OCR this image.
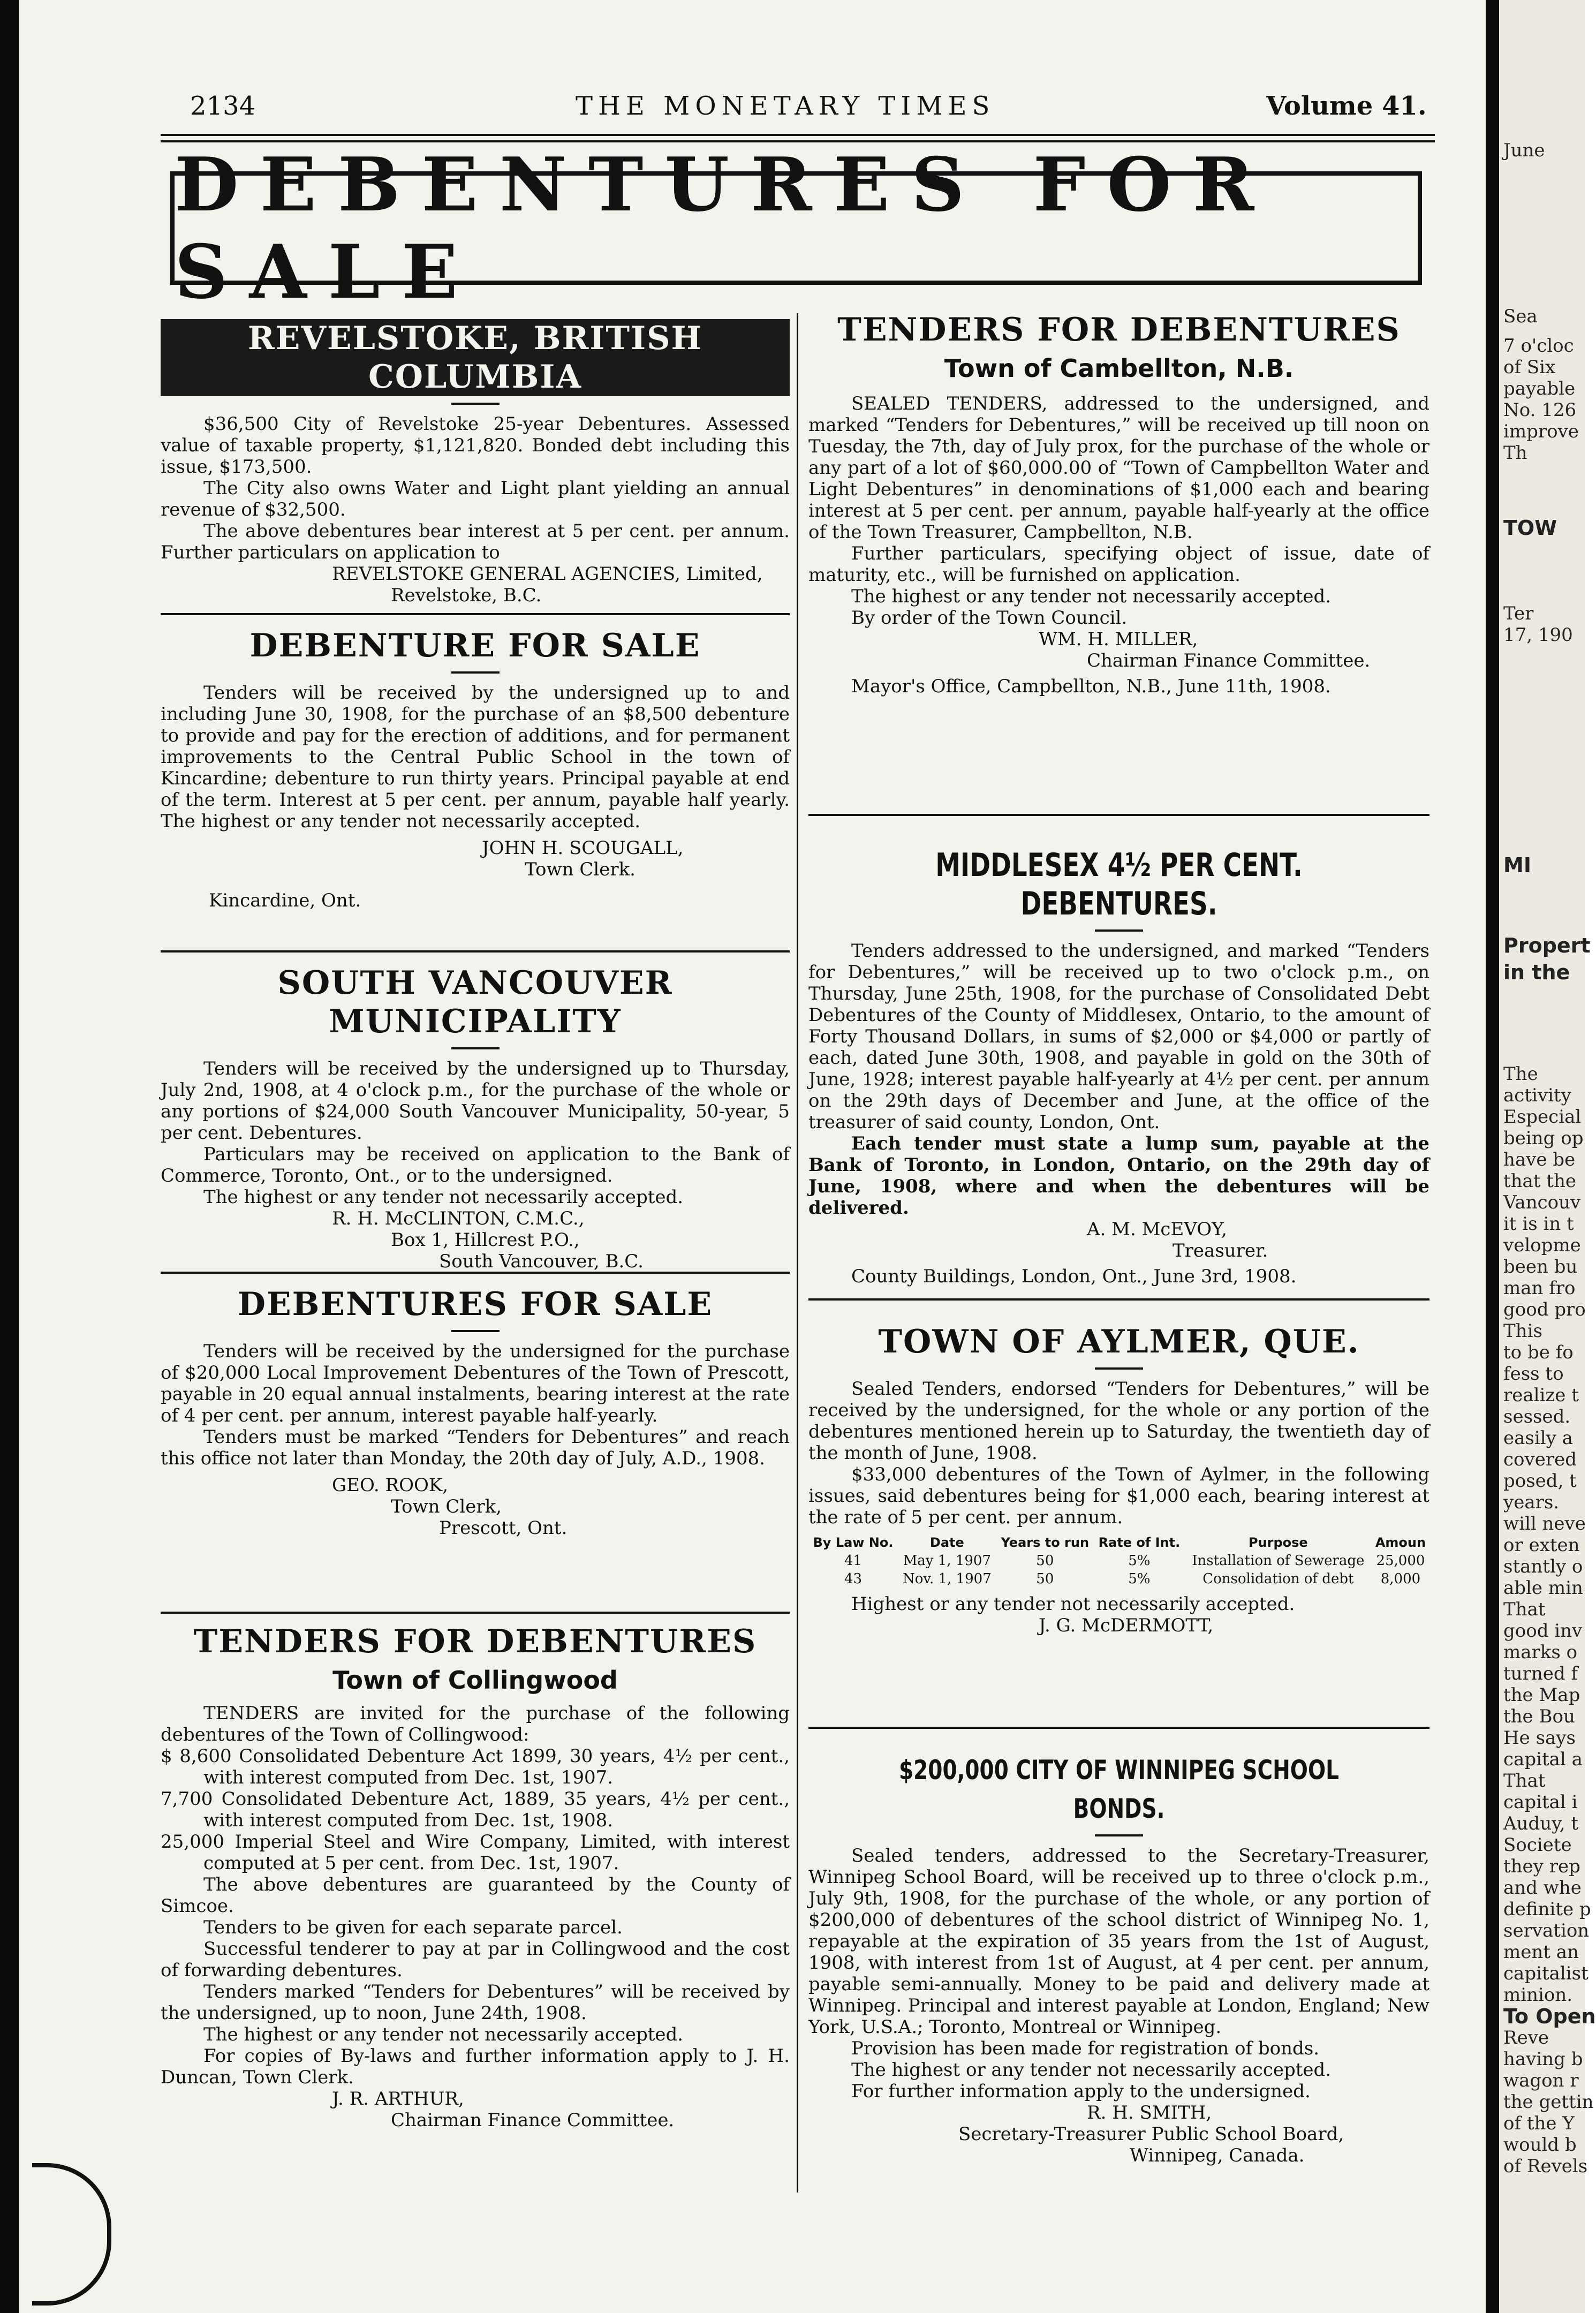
2134	THE MONETARY TIMES	Volume 41.
DEBENTURES FOR SALE
REVELSTOKE, BRITISH COLUMBIA

$36,500 City of Revelstoke 25-year Debentures. Assessed value of taxable property, $1,121,820. Bonded debt including this issue, $173,500.

The City also owns Water and Light plant yielding an annual revenue of $32,500.

The above debentures bear interest at 5 per cent. per annum. Further particulars on application to

REVELSTOKE GENERAL AGENCIES, Limited,

Revelstoke, B.C.

DEBENTURE FOR SALE

Tenders will be received by the undersigned up to and including June 30, 1908, for the purchase of an $8,500 debenture to provide and pay for the erection of additions, and for permanent improvements to the Central Public School in the town of Kincardine; debenture to run thirty years. Principal payable at end of the term. Interest at 5 per cent. per annum, payable half yearly. The highest or any tender not necessarily accepted.

JOHN H. SCOUGALL,

Town Clerk.

Kincardine, Ont.

SOUTH VANCOUVER MUNICIPALITY

Tenders will be received by the undersigned up to Thursday, July 2nd, 1908, at 4 o'clock p.m., for the purchase of the whole or any portions of $24,000 South Vancouver Municipality, 50-year, 5 per cent. Debentures.

Particulars may be received on application to the Bank of Commerce, Toronto, Ont., or to the undersigned.

The highest or any tender not necessarily accepted.

R. H. McCLINTON, C.M.C.,

Box 1, Hillcrest P.O.,

South Vancouver, B.C.

DEBENTURES FOR SALE

Tenders will be received by the undersigned for the purchase of $20,000 Local Improvement Debentures of the Town of Prescott, payable in 20 equal annual instalments, bearing interest at the rate of 4 per cent. per annum, interest payable half-yearly.

Tenders must be marked “Tenders for Debentures” and reach this office not later than Monday, the 20th day of July, A.D., 1908.

GEO. ROOK,

Town Clerk,

Prescott, Ont.

TENDERS FOR DEBENTURES
Town of Collingwood

TENDERS are invited for the purchase of the following debentures of the Town of Collingwood:

$ 8,600 Consolidated Debenture Act 1899, 30 years, 4½ per cent., with interest computed from Dec. 1st, 1907.

7,700 Consolidated Debenture Act, 1889, 35 years, 4½ per cent., with interest computed from Dec. 1st, 1908.

25,000 Imperial Steel and Wire Company, Limited, with interest computed at 5 per cent. from Dec. 1st, 1907.

The above debentures are guaranteed by the County of Simcoe.

Tenders to be given for each separate parcel.

Successful tenderer to pay at par in Collingwood and the cost of forwarding debentures.

Tenders marked “Tenders for Debentures” will be received by the undersigned, up to noon, June 24th, 1908.

The highest or any tender not necessarily accepted.

For copies of By-laws and further information apply to J. H. Duncan, Town Clerk.

J. R. ARTHUR,

Chairman Finance Committee.

TENDERS FOR DEBENTURES
Town of Cambellton, N.B.

SEALED TENDERS, addressed to the undersigned, and marked “Tenders for Debentures,” will be received up till noon on Tuesday, the 7th, day of July prox, for the purchase of the whole or any part of a lot of $60,000.00 of “Town of Campbellton Water and Light Debentures” in denominations of $1,000 each and bearing interest at 5 per cent. per annum, payable half-yearly at the office of the Town Treasurer, Campbellton, N.B.

Further particulars, specifying object of issue, date of maturity, etc., will be furnished on application.

The highest or any tender not necessarily accepted.

By order of the Town Council.

WM. H. MILLER,

Chairman Finance Committee.

Mayor's Office, Campbellton, N.B., June 11th, 1908.

MIDDLESEX 4½ PER CENT. DEBENTURES.

Tenders addressed to the undersigned, and marked “Tenders for Debentures,” will be received up to two o'clock p.m., on Thursday, June 25th, 1908, for the purchase of Consolidated Debt Debentures of the County of Middlesex, Ontario, to the amount of Forty Thousand Dollars, in sums of $2,000 or $4,000 or partly of each, dated June 30th, 1908, and payable in gold on the 30th of June, 1928; interest payable half-yearly at 4½ per cent. per annum on the 29th days of December and June, at the office of the treasurer of said county, London, Ont.

Each tender must state a lump sum, payable at the Bank of Toronto, in London, Ontario, on the 29th day of June, 1908, where and when the debentures will be delivered.

A. M. McEVOY,

Treasurer.

County Buildings, London, Ont., June 3rd, 1908.

TOWN OF AYLMER, QUE.

Sealed Tenders, endorsed “Tenders for Debentures,” will be received by the undersigned, for the whole or any portion of the debentures mentioned herein up to Saturday, the twentieth day of the month of June, 1908.

$33,000 debentures of the Town of Aylmer, in the following issues, said debentures being for $1,000 each, bearing interest at the rate of 5 per cent. per annum.

By Law No.	Date	Years to run	Rate of Int.	Purpose	Amoun
41	May 1, 1907	50	5%	Installation of Sewerage	25,000
43	Nov. 1, 1907	50	5%	Consolidation of debt	8,000

Highest or any tender not necessarily accepted.

J. G. McDERMOTT,

$200,000 CITY OF WINNIPEG SCHOOL BONDS.

Sealed tenders, addressed to the Secretary-Treasurer, Winnipeg School Board, will be received up to three o'clock p.m., July 9th, 1908, for the purchase of the whole, or any portion of $200,000 of debentures of the school district of Winnipeg No. 1, repayable at the expiration of 35 years from the 1st of August, 1908, with interest from 1st of August, at 4 per cent. per annum, payable semi-annually. Money to be paid and delivery made at Winnipeg. Principal and interest payable at London, England; New York, U.S.A.; Toronto, Montreal or Winnipeg.

Provision has been made for registration of bonds.

The highest or any tender not necessarily accepted.

For further information apply to the undersigned.

R. H. SMITH,

Secretary-Treasurer Public School Board,

Winnipeg, Canada.

June
Sea
7 o'cloc
of Six
payable
No. 126
improve
Th
TOW
Ter
17, 190
MI
Propert
in the
The
activity
Especial
being op
have be
that the
Vancouv
it is in t
velopme
been bu
man fro
good pro
This
to be fo
fess to
realize t
sessed.
easily a
covered
posed, t
years.
will neve
or exten
stantly o
able min
That
good inv
marks o
turned f
the Map
the Bou
He says
capital a
That
capital i
Auduy, t
Societe
they rep
and whe
definite p
servation
ment an
capitalist
minion.
To Open
Reve
having b
wagon r
the gettin
of the Y
would b
of Revels
